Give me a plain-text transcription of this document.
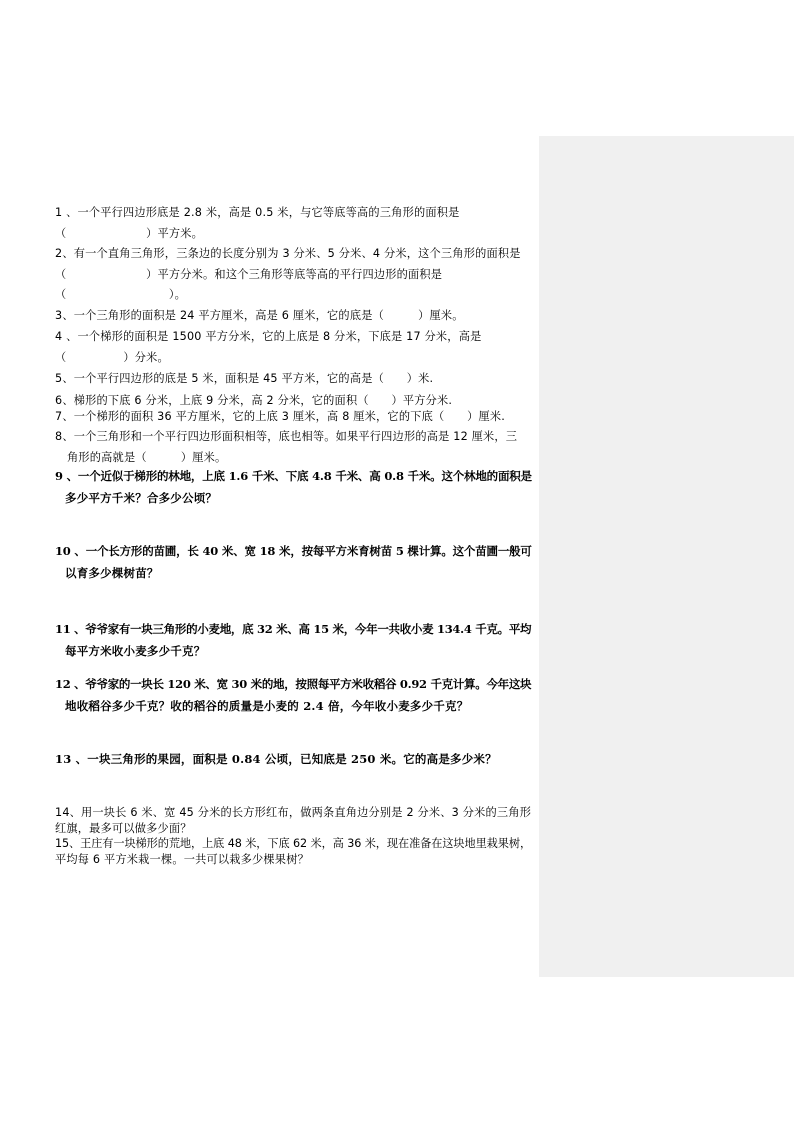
1 、一个平行四边形底是 2.8 米，高是 0.5 米，与它等底等高的三角形的面积是
（　　　　　　　）平方米。
2、有一个直角三角形，三条边的长度分别为 3 分米、5 分米、4 分米，这个三角形的面积是
（　　　　　　　）平方分米。和这个三角形等底等高的平行四边形的面积是
（　　　　　　　　　）。
3、一个三角形的面积是 24 平方厘米，高是 6 厘米，它的底是（　　　）厘米。
4 、一个梯形的面积是 1500 平方分米，它的上底是 8 分米，下底是 17 分米，高是
（　　　　　）分米。
5、一个平行四边形的底是 5 米，面积是 45 平方米，它的高是（　　）米.
6、梯形的下底 6 分米，上底 9 分米，高 2 分米，它的面积（　　）平方分米.
7、一个梯形的面积 36 平方厘米，它的上底 3 厘米，高 8 厘米，它的下底（　　）厘米.
8、一个三角形和一个平行四边形面积相等，底也相等。如果平行四边形的高是 12 厘米，三
角形的高就是（　　　）厘米。
9 、一个近似于梯形的林地，上底 1.6 千米、下底 4.8 千米、高 0.8 千米。这个林地的面积是
多少平方千米？合多少公顷？
10 、一个长方形的苗圃，长 40 米、宽 18 米，按每平方米育树苗 5 棵计算。这个苗圃一般可
以育多少棵树苗？
11 、爷爷家有一块三角形的小麦地，底 32 米、高 15 米，今年一共收小麦 134.4 千克。平均
每平方米收小麦多少千克？
12 、爷爷家的一块长 120 米、宽 30 米的地，按照每平方米收稻谷 0.92 千克计算。今年这块
地收稻谷多少千克？收的稻谷的质量是小麦的 2.4 倍，今年收小麦多少千克？
13 、一块三角形的果园，面积是 0.84 公顷，已知底是 250 米。它的高是多少米？
14、用一块长 6 米、宽 45 分米的长方形红布，做两条直角边分别是 2 分米、3 分米的三角形
红旗，最多可以做多少面？
15、王庄有一块梯形的荒地，上底 48 米，下底 62 米，高 36 米，现在准备在这块地里栽果树，
平均每 6 平方米栽一棵。一共可以栽多少棵果树？
